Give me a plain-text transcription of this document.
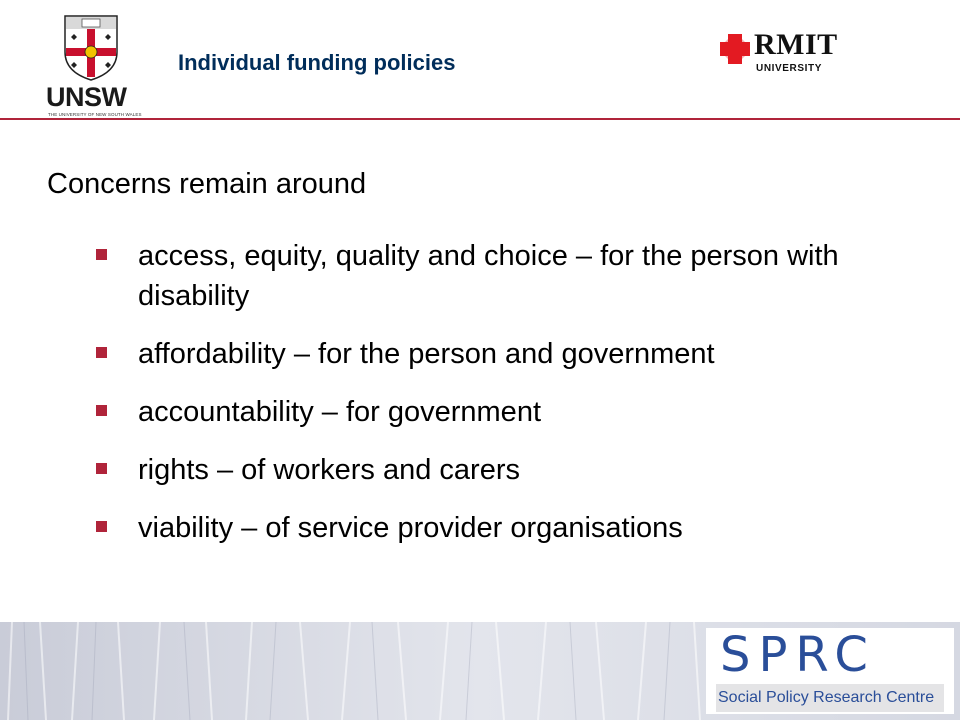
UNSW
THE UNIVERSITY OF NEW SOUTH WALES
Individual funding policies
RMIT
UNIVERSITY
Concerns remain around
access, equity, quality and choice – for the person with disability
affordability – for the person and government
accountability – for government
rights – of workers and carers
viability – of service provider organisations
SPRC
Social Policy Research Centre
